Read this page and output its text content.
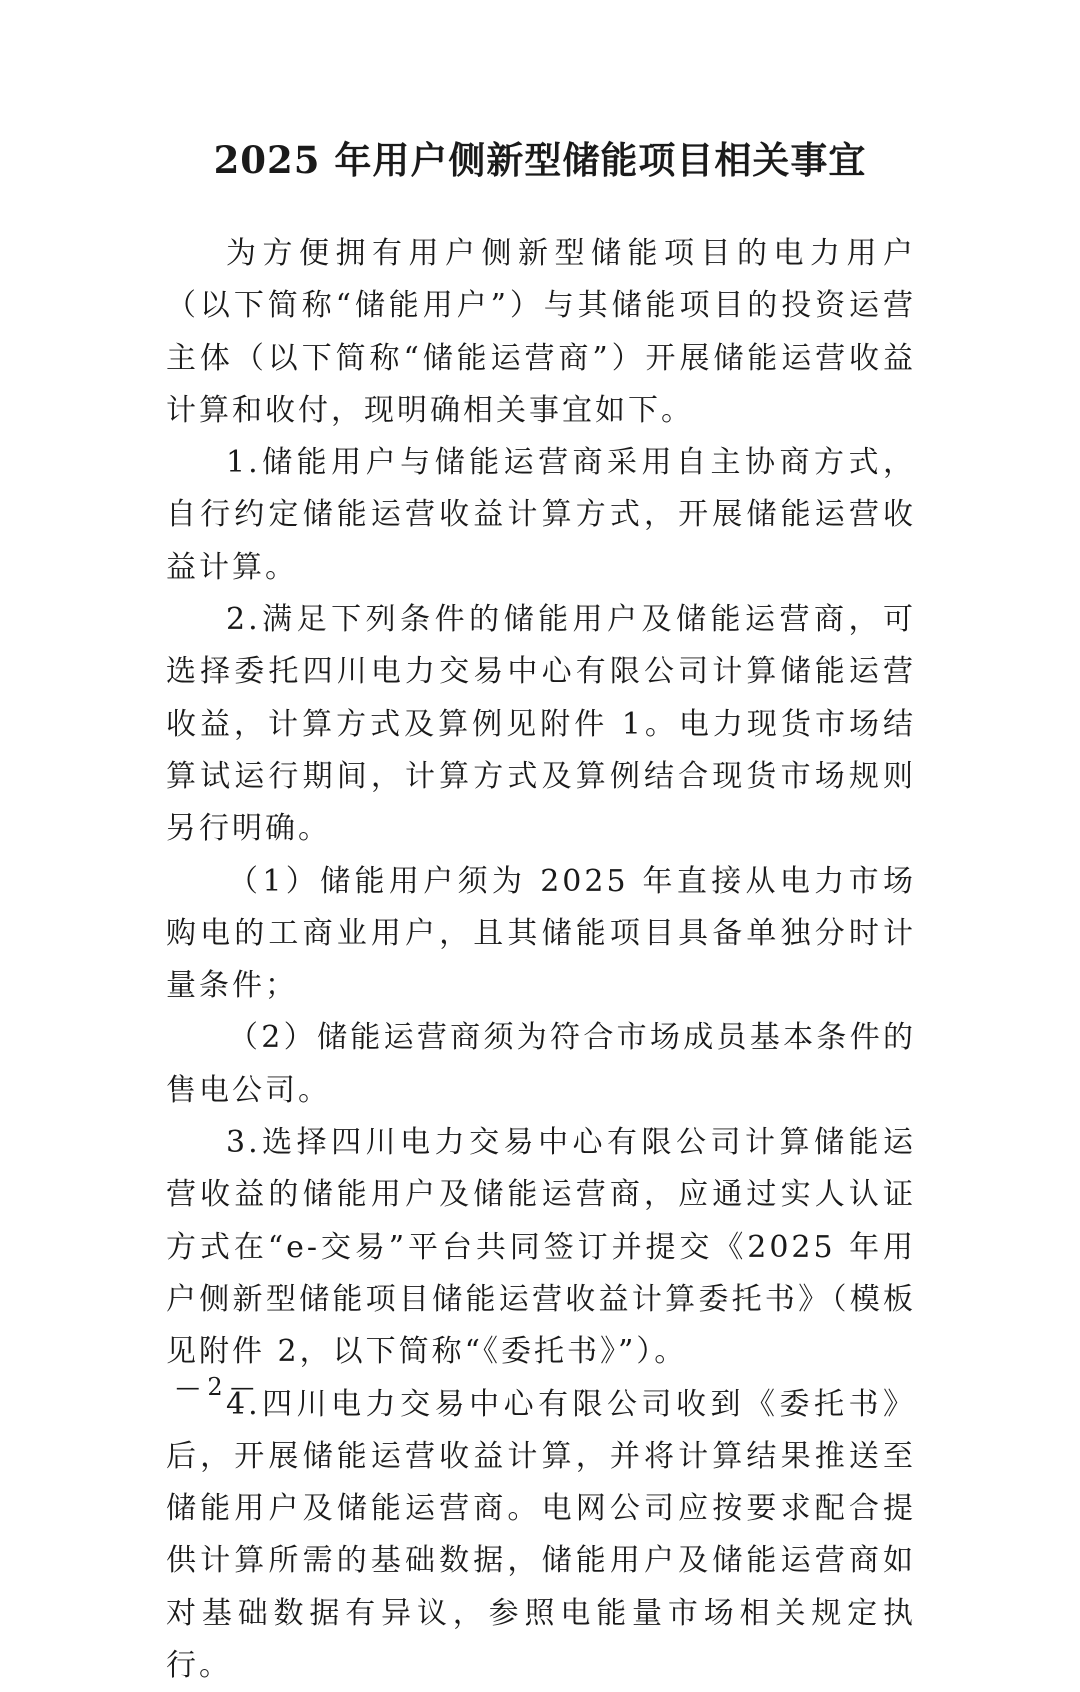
2025 年用户侧新型储能项目相关事宜

为方便拥有用户侧新型储能项目的电力用户（以下简称“储能用户”）与其储能项目的投资运营主体（以下简称“储能运营商”）开展储能运营收益计算和收付，现明确相关事宜如下。

1.储能用户与储能运营商采用自主协商方式，自行约定储能运营收益计算方式，开展储能运营收益计算。

2.满足下列条件的储能用户及储能运营商，可选择委托四川电力交易中心有限公司计算储能运营收益，计算方式及算例见附件 1。电力现货市场结算试运行期间，计算方式及算例结合现货市场规则另行明确。

（1）储能用户须为 2025 年直接从电力市场购电的工商业用户，且其储能项目具备单独分时计量条件；

（2）储能运营商须为符合市场成员基本条件的售电公司。

3.选择四川电力交易中心有限公司计算储能运营收益的储能用户及储能运营商，应通过实人认证方式在“e-交易”平台共同签订并提交《2025 年用户侧新型储能项目储能运营收益计算委托书》（模板见附件 2，以下简称“《委托书》”）。

4.四川电力交易中心有限公司收到《委托书》后，开展储能运营收益计算，并将计算结果推送至储能用户及储能运营商。电网公司应按要求配合提供计算所需的基础数据，储能用户及储能运营商如对基础数据有异议，参照电能量市场相关规定执行。

— 2 —
